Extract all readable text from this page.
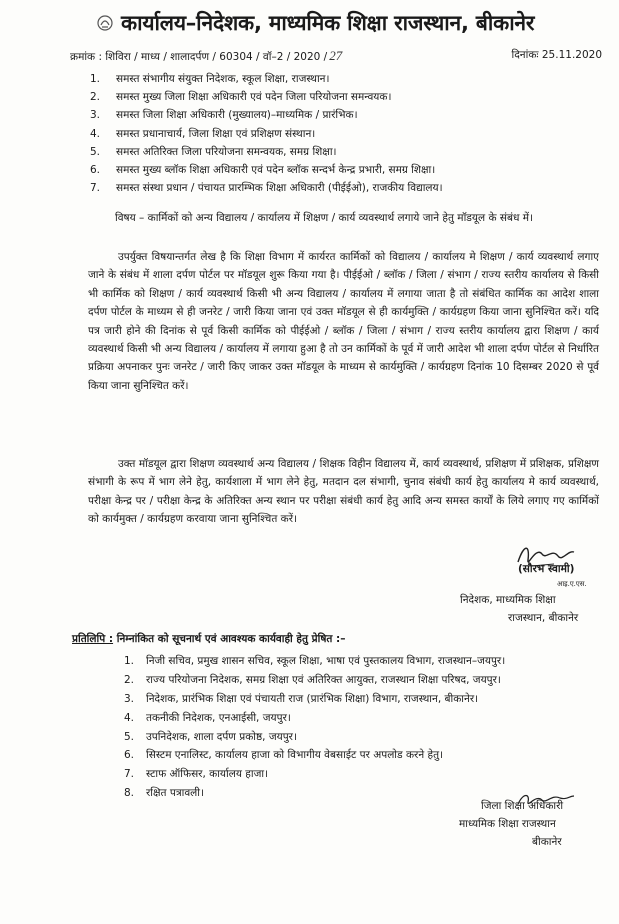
कार्यालय–निदेशक, माध्यमिक शिक्षा राजस्थान, बीकानेर
क्रमांक : शिविरा / माध्य / शालादर्पण / 60304 / वॉ–2 / 2020 / 27	दिनांकः 25.11.2020
1.	समस्त संभागीय संयुक्त निदेशक, स्कूल शिक्षा, राजस्थान।
2.	समस्त मुख्य जिला शिक्षा अधिकारी एवं पदेन जिला परियोजना समन्वयक।
3.	समस्त जिला शिक्षा अधिकारी (मुख्यालय)–माध्यमिक / प्रारंभिक।
4.	समस्त प्रधानाचार्य, जिला शिक्षा एवं प्रशिक्षण संस्थान।
5.	समस्त अतिरिक्त जिला परियोजना समन्वयक, समग्र शिक्षा।
6.	समस्त मुख्य ब्लॉक शिक्षा अधिकारी एवं पदेन ब्लॉक सन्दर्भ केन्द्र प्रभारी, समग्र शिक्षा।
7.	समस्त संस्था प्रधान / पंचायत प्रारम्भिक शिक्षा अधिकारी (पीईईओ), राजकीय विद्यालय।
विषय – कार्मिकों को अन्य विद्यालय / कार्यालय में शिक्षण / कार्य व्यवस्थार्थ लगाये जाने हेतु मॉडयूल के संबंध में।

उपर्युक्त विषयान्तर्गत लेख है कि शिक्षा विभाग में कार्यरत कार्मिकों को विद्यालय / कार्यालय मे शिक्षण / कार्य व्यवस्थार्थ लगाए जाने के संबंध में शाला दर्पण पोर्टल पर मॉडयूल शुरू किया गया है। पीईईओ / ब्लॉक / जिला / संभाग / राज्य स्तरीय कार्यालय से किसी भी कार्मिक को शिक्षण / कार्य व्यवस्थार्थ किसी भी अन्य विद्यालय / कार्यालय में लगाया जाता है तो संबंधित कार्मिक का आदेश शाला दर्पण पोर्टल के माध्यम से ही जनरेट / जारी किया जाना एवं उक्त मॉडयूल से ही कार्यमुक्ति / कार्यग्रहण किया जाना सुनिश्चित करें। यदि पत्र जारी होने की दिनांक से पूर्व किसी कार्मिक को पीईईओ / ब्लॉक / जिला / संभाग / राज्य स्तरीय कार्यालय द्वारा शिक्षण / कार्य व्यवस्थार्थ किसी भी अन्य विद्यालय / कार्यालय में लगाया हुआ है तो उन कार्मिकों के पूर्व में जारी आदेश भी शाला दर्पण पोर्टल से निर्धारित प्रक्रिया अपनाकर पुनः जनरेट / जारी किए जाकर उक्त मॉडयूल के माध्यम से कार्यमुक्ति / कार्यग्रहण दिनांक 10 दिसम्बर 2020 से पूर्व किया जाना सुनिश्चित करें।

उक्त मॉडयूल द्वारा शिक्षण व्यवस्थार्थ अन्य विद्यालय / शिक्षक विहीन विद्यालय में, कार्य व्यवस्थार्थ, प्रशिक्षण में प्रशिक्षक, प्रशिक्षण संभागी के रूप में भाग लेने हेतु, कार्यशाला में भाग लेने हेतु, मतदान दल संभागी, चुनाव संबंधी कार्य हेतु कार्यालय मे कार्य व्यवस्थार्थ, परीक्षा केन्द्र पर / परीक्षा केन्द्र के अतिरिक्त अन्य स्थान पर परीक्षा संबंधी कार्य हेतु आदि अन्य समस्त कार्यों के लिये लगाए गए कार्मिकों को कार्यमुक्त / कार्यग्रहण करवाया जाना सुनिश्चित करें।

(सौरभ स्वामी)
आइ.ए.एस.
निदेशक, माध्यमिक शिक्षा
राजस्थान, बीकानेर
प्रतिलिपि : निम्नांकित को सूचनार्थ एवं आवश्यक कार्यवाही हेतु प्रेषित :–
1.	निजी सचिव, प्रमुख शासन सचिव, स्कूल शिक्षा, भाषा एवं पुस्तकालय विभाग, राजस्थान–जयपुर।
2.	राज्य परियोजना निदेशक, समग्र शिक्षा एवं अतिरिक्त आयुक्त, राजस्थान शिक्षा परिषद, जयपुर।
3.	निदेशक, प्रारंभिक शिक्षा एवं पंचायती राज (प्रारंभिक शिक्षा) विभाग, राजस्थान, बीकानेर।
4.	तकनीकी निदेशक, एनआईसी, जयपुर।
5.	उपनिदेशक, शाला दर्पण प्रकोष्ठ, जयपुर।
6.	सिस्टम एनालिस्ट, कार्यालय हाजा को विभागीय वेबसाईट पर अपलोड करने हेतु।
7.	स्टाफ ऑफिसर, कार्यालय हाजा।
8.	रक्षित पत्रावली।
जिला शिक्षा अधिकारी
माध्यमिक शिक्षा राजस्थान
बीकानेर
